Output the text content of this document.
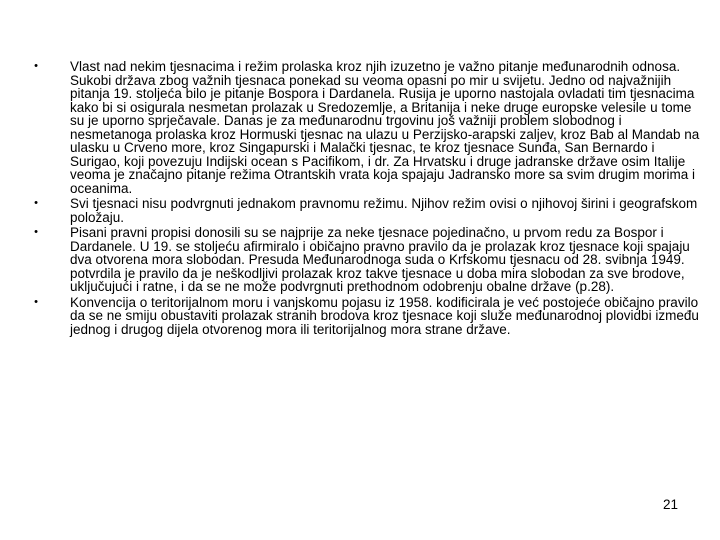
•	Vlast nad nekim tjesnacima i režim prolaska kroz njih izuzetno je važno pitanje međunarodnih odnosa. Sukobi država zbog važnih tjesnaca ponekad su veoma opasni po mir u svijetu. Jedno od najvažnijih pitanja 19. stoljeća bilo je pitanje Bospora i Dardanela. Rusija je uporno nastojala ovladati tim tjesnacima kako bi si osigurala nesmetan prolazak u Sredozemlje, a Britanija i neke druge europske velesile u tome su je uporno sprječavale. Danas je za međunarodnu trgovinu još važniji problem slobodnog i nesmetanoga prolaska kroz Hormuski tjesnac na ulazu u Perzijsko-arapski zaljev, kroz Bab al Mandab na ulasku u Crveno more, kroz Singapurski i Malački tjesnac, te kroz tjesnace Sunđa, San Bernardo i Surigao, koji povezuju Indijski ocean s Pacifikom, i dr. Za Hrvatsku i druge jadranske države osim Italije veoma je značajno pitanje režima Otrantskih vrata koja spajaju Jadransko more sa svim drugim morima i oceanima.
•	Svi tjesnaci nisu podvrgnuti jednakom pravnomu režimu. Njihov režim ovisi o njihovoj širini i geografskom položaju.
•	Pisani pravni propisi donosili su se najprije za neke tjesnace pojedinačno, u prvom redu za Bospor i Dardanele. U 19. se stoljeću afirmiralo i običajno pravno pravilo da je prolazak kroz tjesnace koji spajaju dva otvorena mora slobodan. Presuda Međunarodnoga suda o Krfskomu tjesnacu od 28. svibnja 1949. potvrdila je pravilo da je neškodljivi prolazak kroz takve tjesnace u doba mira slobodan za sve brodove, uključujući i ratne, i da se ne može podvrgnuti prethodnom odobrenju obalne države (p.28).
•	Konvencija o teritorijalnom moru i vanjskomu pojasu iz 1958. kodificirala je već postojeće običajno pravilo da se ne smiju obustaviti prolazak stranih brodova kroz tjesnace koji služe međunarodnoj plovidbi između jednog i drugog dijela otvorenog mora ili teritorijalnog mora strane države.
21
